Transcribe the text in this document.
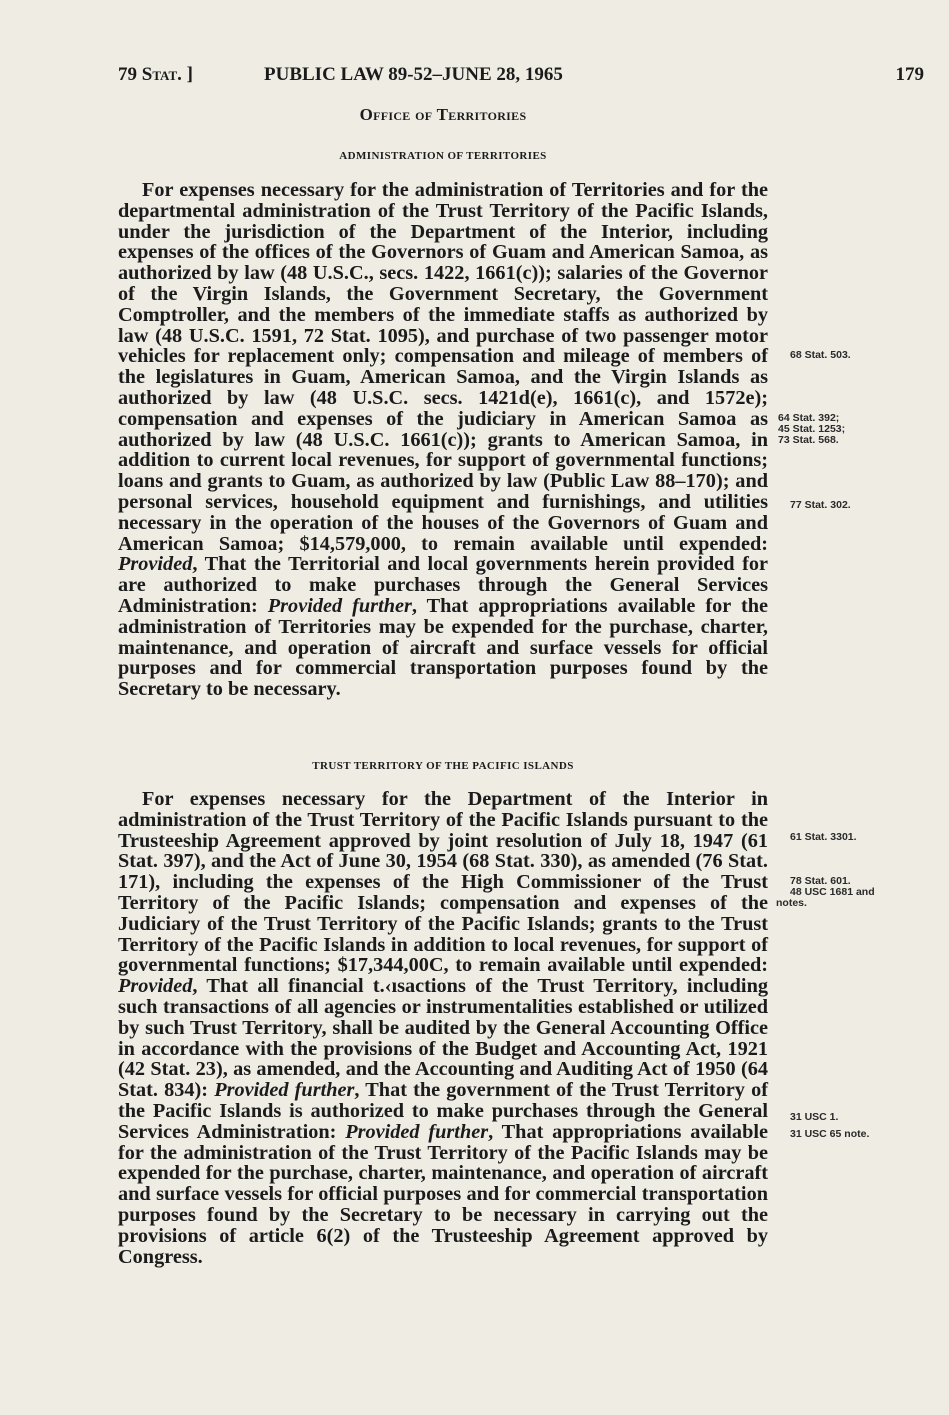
79 Stat. ]	PUBLIC LAW 89-52–JUNE 28, 1965	179
Office of Territories
ADMINISTRATION OF TERRITORIES

For expenses necessary for the administration of Territories and for the departmental administration of the Trust Territory of the Pacific Islands, under the jurisdiction of the Department of the Interior, including expenses of the offices of the Governors of Guam and American Samoa, as authorized by law (48 U.S.C., secs. 1422, 1661(c)); salaries of the Governor of the Virgin Islands, the Government Secretary, the Government Comptroller, and the members of the immediate staffs as authorized by law (48 U.S.C. 1591, 72 Stat. 1095), and purchase of two passenger motor vehicles for replacement only; compensation and mileage of members of the legislatures in Guam, American Samoa, and the Virgin Islands as authorized by law (48 U.S.C. secs. 1421d(e), 1661(c), and 1572e); compensation and expenses of the judiciary in American Samoa as authorized by law (48 U.S.C. 1661(c)); grants to American Samoa, in addition to current local revenues, for support of governmental functions; loans and grants to Guam, as authorized by law (Public Law 88–170); and personal services, household equipment and furnishings, and utilities necessary in the operation of the houses of the Governors of Guam and American Samoa; $14,579,000, to remain available until expended: Provided, That the Territorial and local governments herein provided for are authorized to make purchases through the General Services Administration: Provided further, That appropriations available for the administration of Territories may be expended for the purchase, charter, maintenance, and operation of aircraft and surface vessels for official purposes and for commercial transportation purposes found by the Secretary to be necessary.

TRUST TERRITORY OF THE PACIFIC ISLANDS

For expenses necessary for the Department of the Interior in administration of the Trust Territory of the Pacific Islands pursuant to the Trusteeship Agreement approved by joint resolution of July 18, 1947 (61 Stat. 397), and the Act of June 30, 1954 (68 Stat. 330), as amended (76 Stat. 171), including the expenses of the High Commissioner of the Trust Territory of the Pacific Islands; compensation and expenses of the Judiciary of the Trust Territory of the Pacific Islands; grants to the Trust Territory of the Pacific Islands in addition to local revenues, for support of governmental functions; $17,344,00C, to remain available until expended: Provided, That all financial t.‹ısactions of the Trust Territory, including such transactions of all agencies or instrumentalities established or utilized by such Trust Territory, shall be audited by the General Accounting Office in accordance with the provisions of the Budget and Accounting Act, 1921 (42 Stat. 23), as amended, and the Accounting and Auditing Act of 1950 (64 Stat. 834): Provided further, That the government of the Trust Territory of the Pacific Islands is authorized to make purchases through the General Services Administration: Provided further, That appropriations available for the administration of the Trust Territory of the Pacific Islands may be expended for the purchase, charter, maintenance, and operation of aircraft and surface vessels for official purposes and for commercial transportation purposes found by the Secretary to be necessary in carrying out the provisions of article 6(2) of the Trusteeship Agreement approved by Congress.

68 Stat. 503.
64 Stat. 392;
45 Stat. 1253;
73 Stat. 568.
77 Stat. 302.
61 Stat. 3301.
78 Stat. 601.
48 USC 1681 and
notes.
31 USC 1.
31 USC 65 note.
